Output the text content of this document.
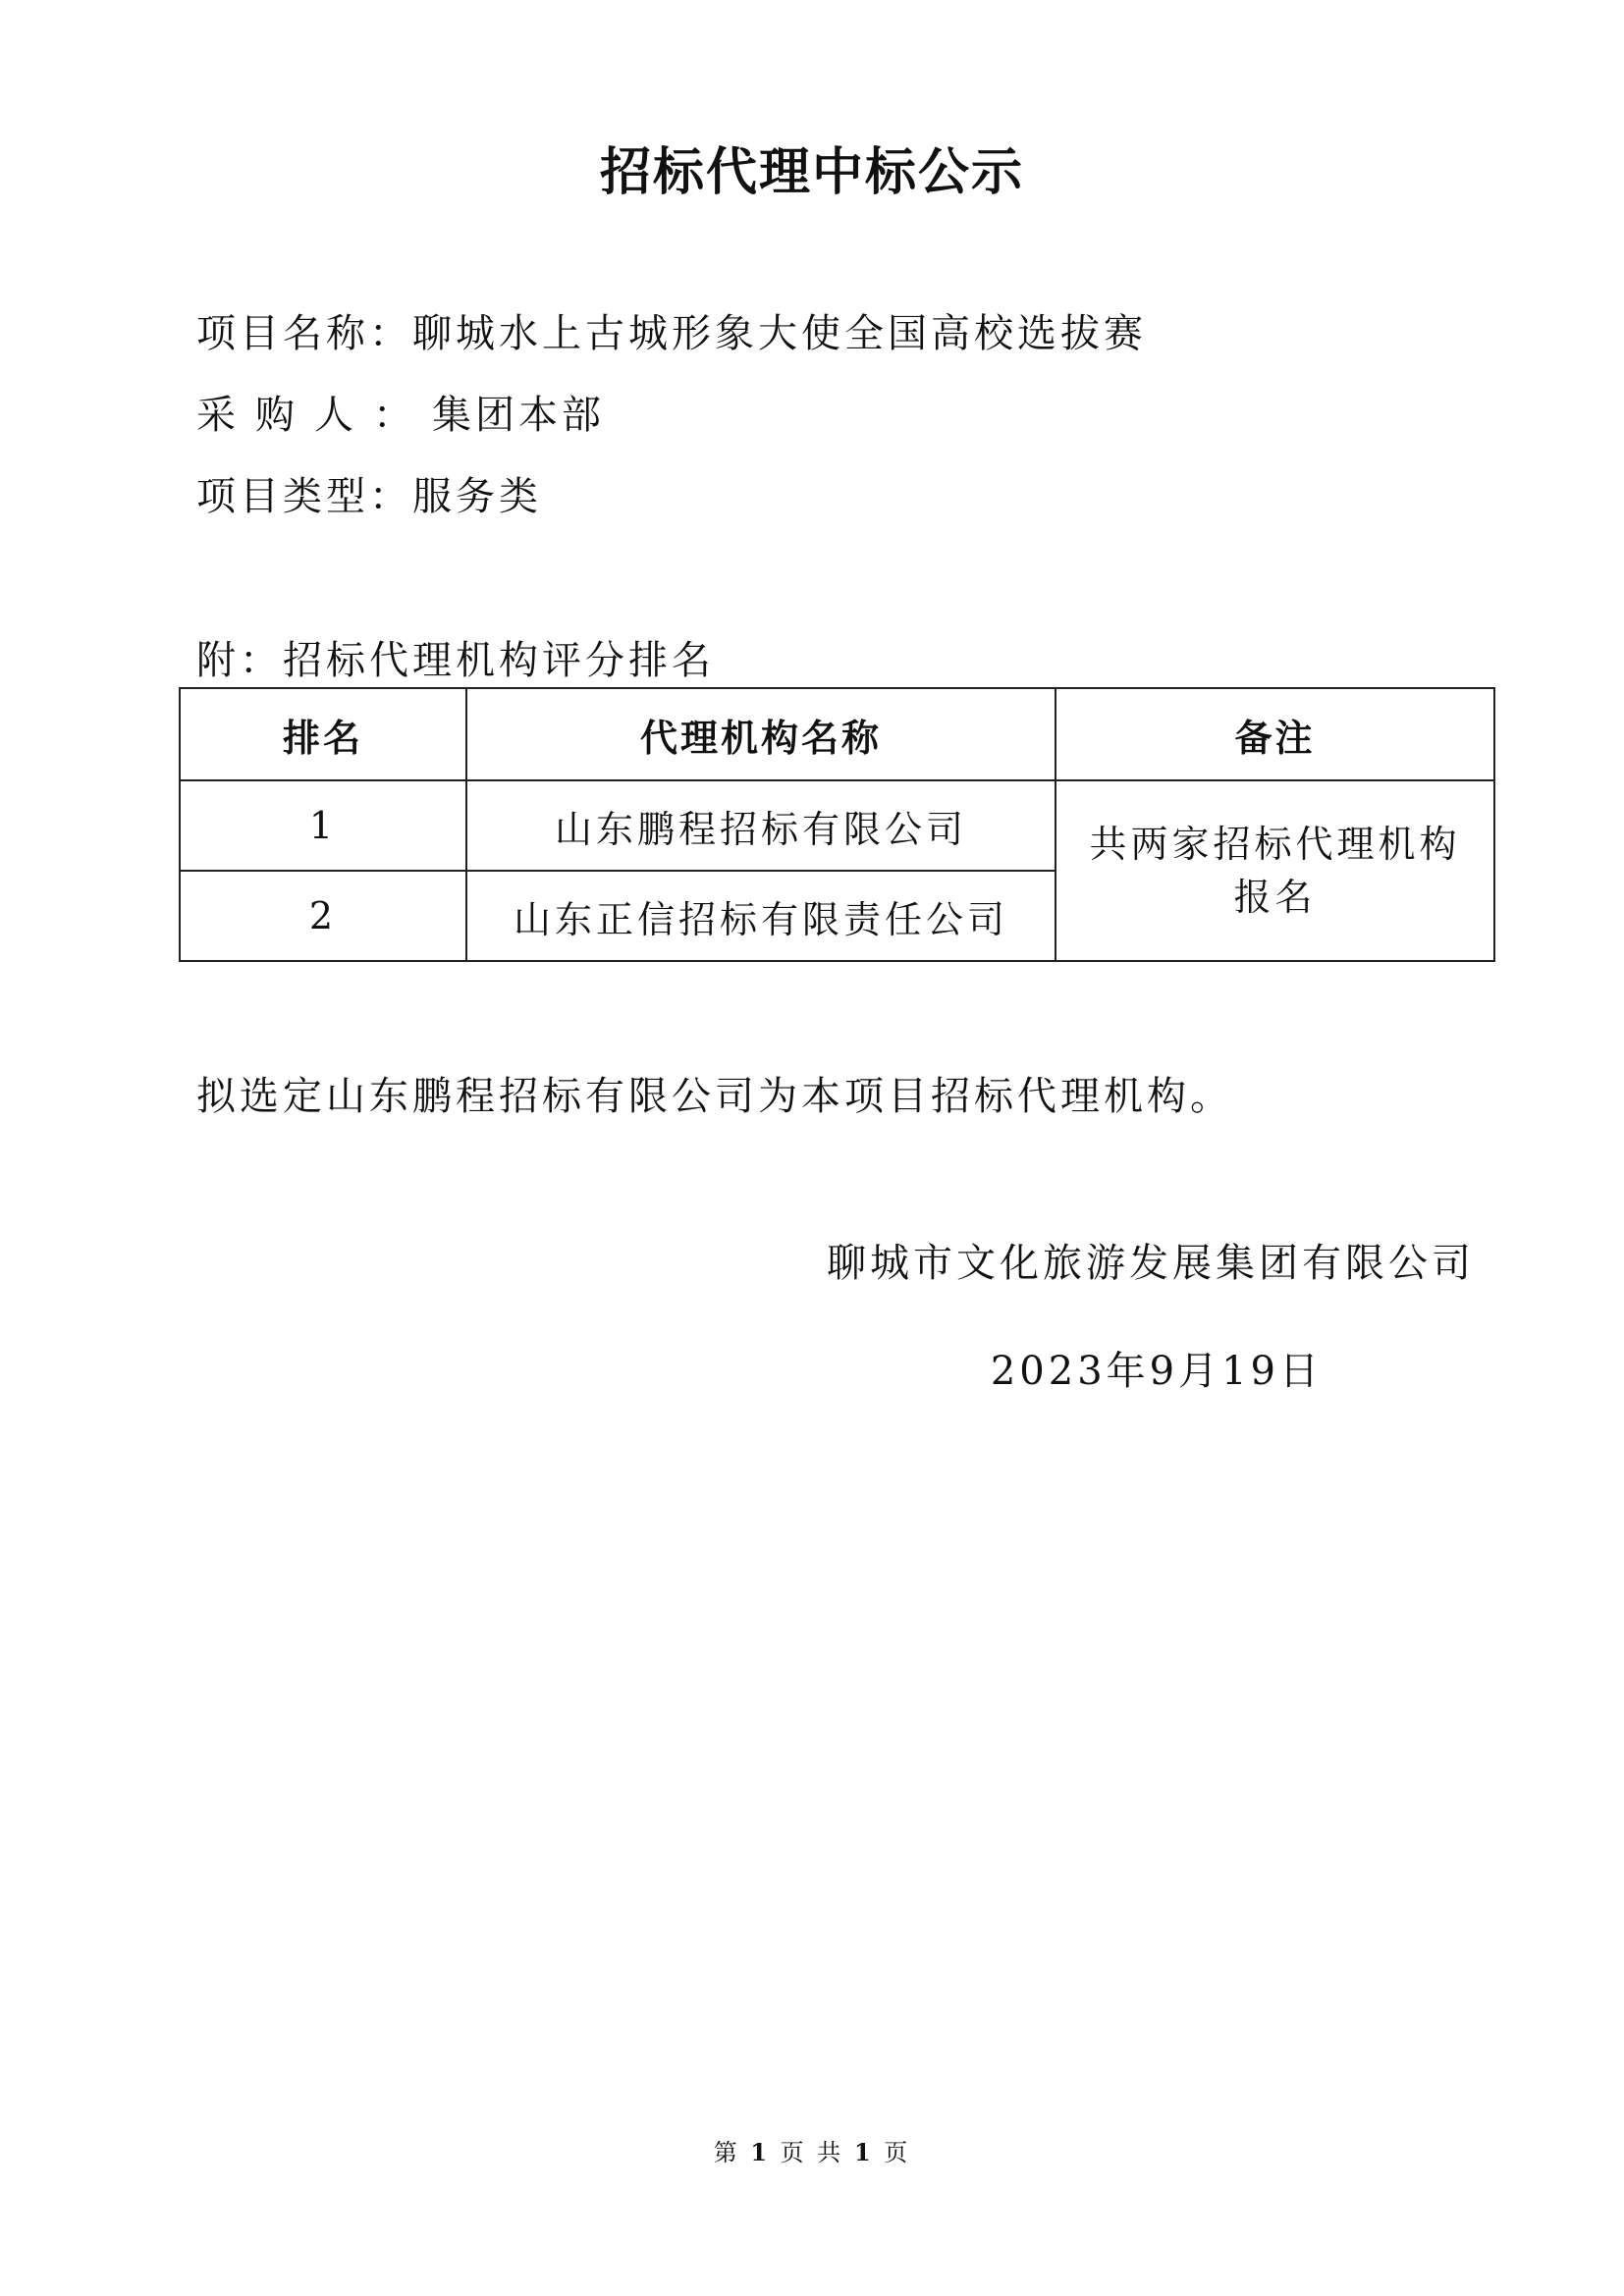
招标代理中标公示
项目名称：聊城水上古城形象大使全国高校选拔赛
采购人：集团本部
项目类型：服务类
附：招标代理机构评分排名
排名	代理机构名称	备注
1	山东鹏程招标有限公司	共两家招标代理机构报名
2	山东正信招标有限责任公司	
拟选定山东鹏程招标有限公司为本项目招标代理机构。
聊城市文化旅游发展集团有限公司
2023年9月19日
第 1 页 共 1 页
